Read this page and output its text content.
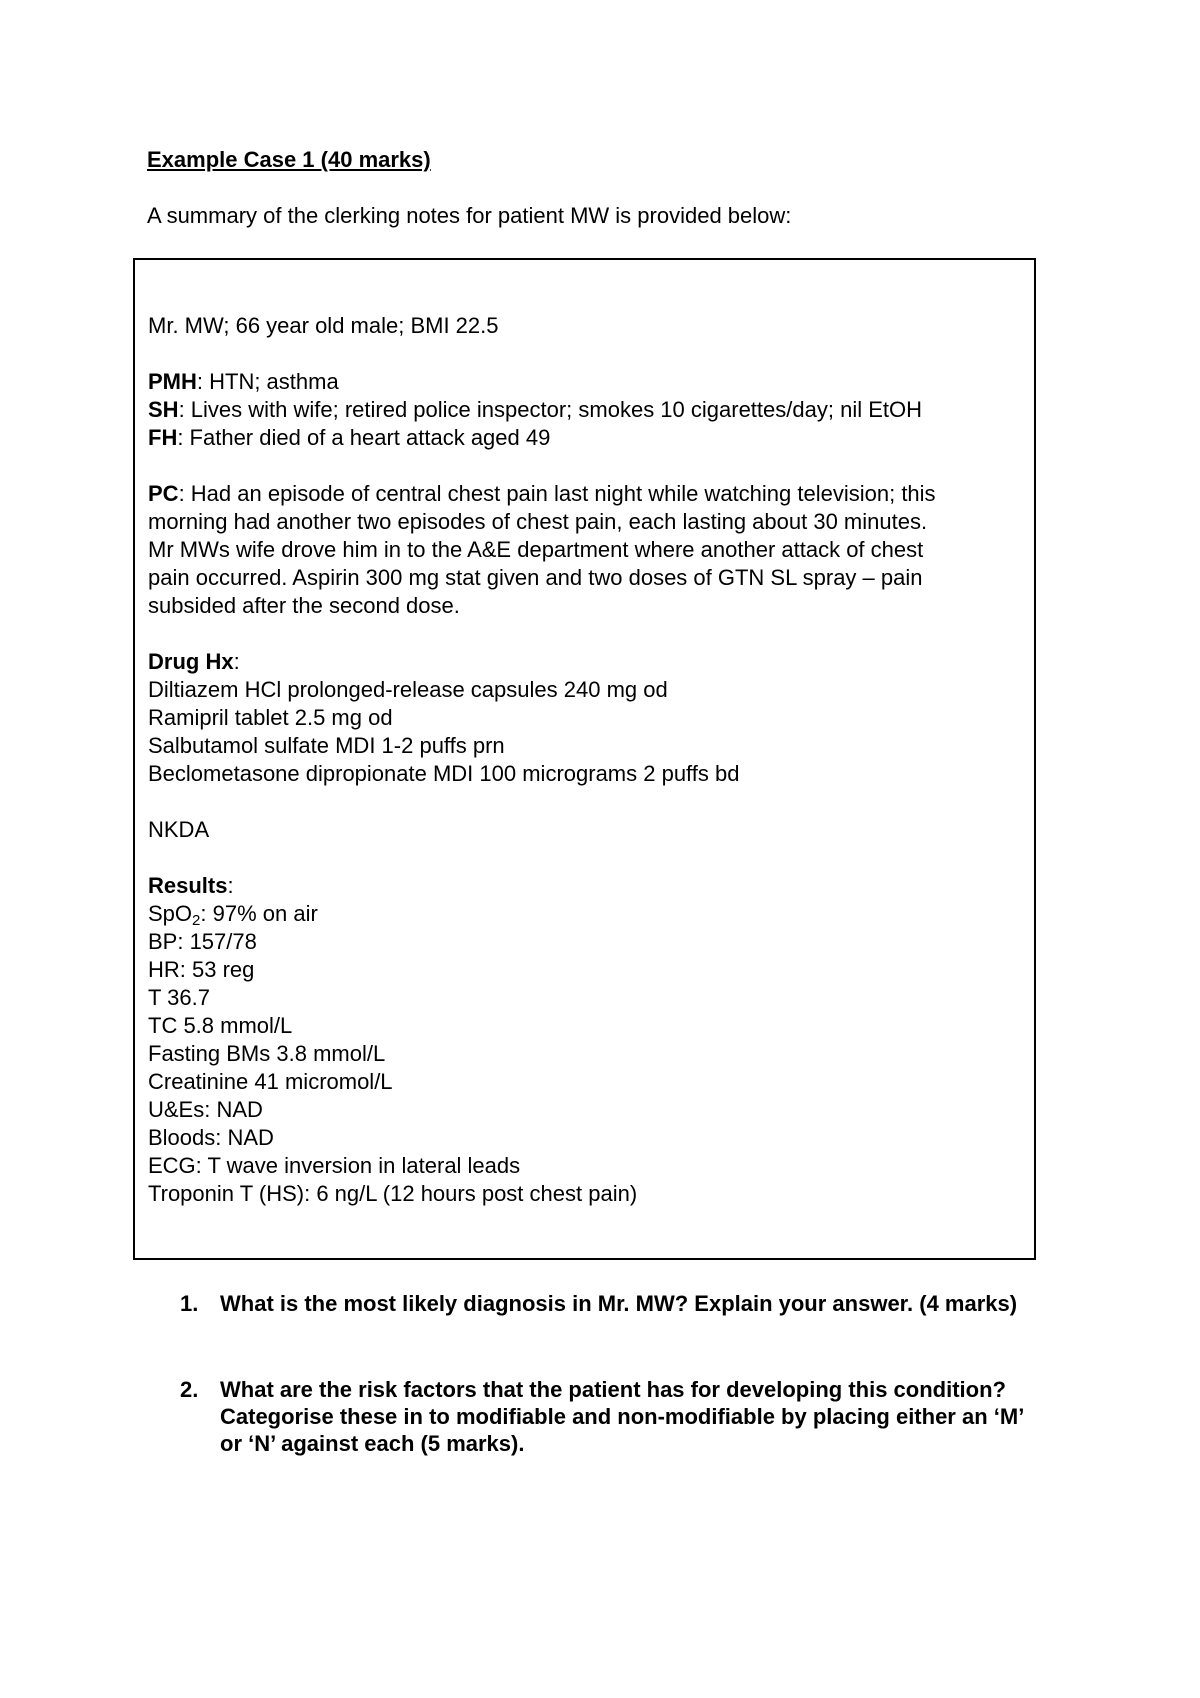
Example Case 1 (40 marks)
A summary of the clerking notes for patient MW is provided below:
Mr. MW; 66 year old male; BMI 22.5
PMH: HTN; asthma
SH: Lives with wife; retired police inspector; smokes 10 cigarettes/day; nil EtOH
FH: Father died of a heart attack aged 49
PC: Had an episode of central chest pain last night while watching television; this
morning had another two episodes of chest pain, each lasting about 30 minutes.
Mr MWs wife drove him in to the A&E department where another attack of chest
pain occurred. Aspirin 300 mg stat given and two doses of GTN SL spray – pain
subsided after the second dose.
Drug Hx:
Diltiazem HCl prolonged-release capsules 240 mg od
Ramipril tablet 2.5 mg od
Salbutamol sulfate MDI 1-2 puffs prn
Beclometasone dipropionate MDI 100 micrograms 2 puffs bd
NKDA
Results:
SpO$_2$: 97% on air
BP: 157/78
HR: 53 reg
T 36.7
TC 5.8 mmol/L
Fasting BMs 3.8 mmol/L
Creatinine 41 micromol/L
U&Es: NAD
Bloods: NAD
ECG: T wave inversion in lateral leads
Troponin T (HS): 6 ng/L (12 hours post chest pain)
1. What is the most likely diagnosis in Mr. MW? Explain your answer. (4 marks)
2. What are the risk factors that the patient has for developing this condition? Categorise these in to modifiable and non-modifiable by placing either an ‘M’ or ‘N’ against each (5 marks).
